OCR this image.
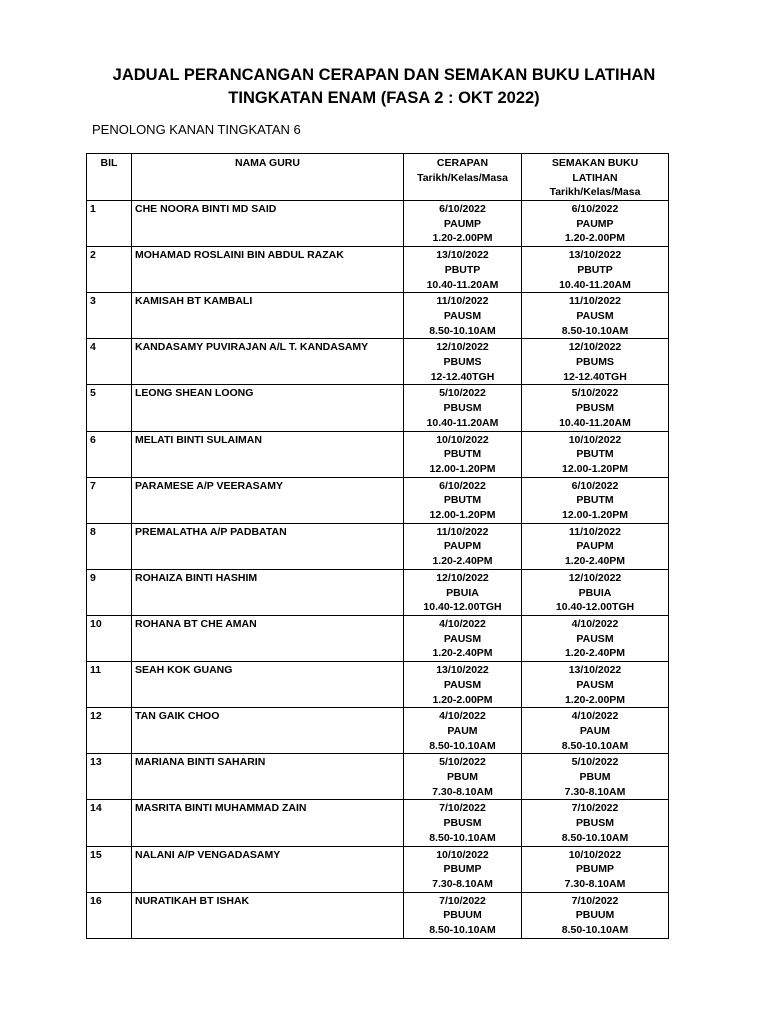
JADUAL PERANCANGAN CERAPAN DAN SEMAKAN BUKU LATIHAN
TINGKATAN ENAM (FASA 2 : OKT 2022)
PENOLONG KANAN TINGKATAN 6
BIL	NAMA GURU	CERAPAN
Tarikh/Kelas/Masa	SEMAKAN BUKU
LATIHAN
Tarikh/Kelas/Masa

1	CHE NOORA BINTI MD SAID	6/10/2022
PAUMP
1.20-2.00PM	6/10/2022
PAUMP
1.20-2.00PM

2	MOHAMAD ROSLAINI BIN ABDUL RAZAK	13/10/2022
PBUTP
10.40-11.20AM	13/10/2022
PBUTP
10.40-11.20AM

3	KAMISAH BT KAMBALI	11/10/2022
PAUSM
8.50-10.10AM	11/10/2022
PAUSM
8.50-10.10AM

4	KANDASAMY PUVIRAJAN A/L T. KANDASAMY	12/10/2022
PBUMS
12-12.40TGH	12/10/2022
PBUMS
12-12.40TGH

5	LEONG SHEAN LOONG	5/10/2022
PBUSM
10.40-11.20AM	5/10/2022
PBUSM
10.40-11.20AM

6	MELATI BINTI SULAIMAN	10/10/2022
PBUTM
12.00-1.20PM	10/10/2022
PBUTM
12.00-1.20PM

7	PARAMESE A/P VEERASAMY	6/10/2022
PBUTM
12.00-1.20PM	6/10/2022
PBUTM
12.00-1.20PM

8	PREMALATHA A/P PADBATAN	11/10/2022
PAUPM
1.20-2.40PM	11/10/2022
PAUPM
1.20-2.40PM

9	ROHAIZA BINTI HASHIM	12/10/2022
PBUIA
10.40-12.00TGH	12/10/2022
PBUIA
10.40-12.00TGH

10	ROHANA BT CHE AMAN	4/10/2022
PAUSM
1.20-2.40PM	4/10/2022
PAUSM
1.20-2.40PM

11	SEAH KOK GUANG	13/10/2022
PAUSM
1.20-2.00PM	13/10/2022
PAUSM
1.20-2.00PM

12	TAN GAIK CHOO	4/10/2022
PAUM
8.50-10.10AM	4/10/2022
PAUM
8.50-10.10AM

13	MARIANA BINTI SAHARIN	5/10/2022
PBUM
7.30-8.10AM	5/10/2022
PBUM
7.30-8.10AM

14	MASRITA BINTI MUHAMMAD ZAIN	7/10/2022
PBUSM
8.50-10.10AM	7/10/2022
PBUSM
8.50-10.10AM

15	NALANI A/P VENGADASAMY	10/10/2022
PBUMP
7.30-8.10AM	10/10/2022
PBUMP
7.30-8.10AM

16	NURATIKAH BT ISHAK	7/10/2022
PBUUM
8.50-10.10AM	7/10/2022
PBUUM
8.50-10.10AM
